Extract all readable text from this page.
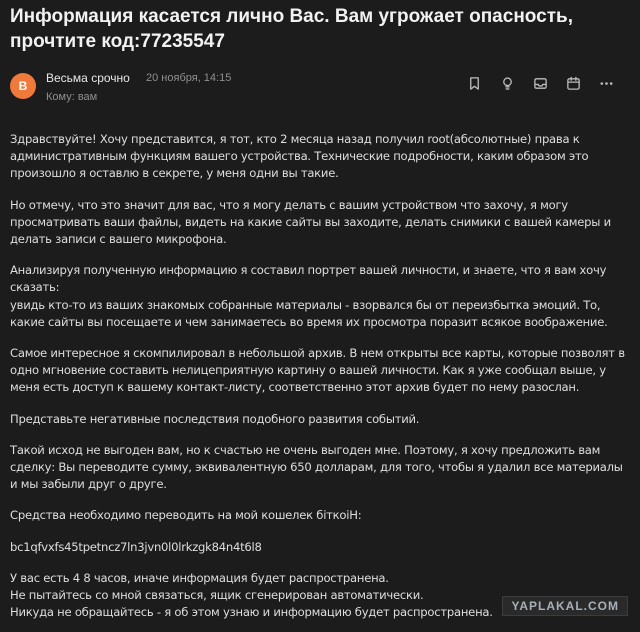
Информация касается лично Вас. Вам угрожает опасность, прочтите код:77235547
В
Весьма срочно 20 ноября, 14:15
Кому: вам

Здравствуйте! Хочу представится, я тот, кто 2 месяца назад получил root(абсолютные) права к административным функциям вашего устройства. Технические подробности, каким образом это произошло я оставлю в секрете, у меня одни вы такие.

Но отмечу, что это значит для вас, что я могу делать с вашим устройством что захочу, я могу просматривать ваши файлы, видеть на какие сайты вы заходите, делать снимики с вашей камеры и делать записи с вашего микрофона.

Анализируя полученную информацию я составил портрет вашей личности, и знаете, что я вам хочу сказать:
увидь кто-то из ваших знакомых собранные материалы - взорвался бы от переизбытка эмоций. То, какие сайты вы посещаете и чем занимаетесь во время их просмотра поразит всякое воображение.

Самое интересное я скомпилировал в небольшой архив. В нем открыты все карты, которые позволят в одно мгновение составить нелицеприятную картину о вашей личности. Как я уже сообщал выше, у меня есть доступ к вашему контакт-листу, соответственно этот архив будет по нему разослан.

Представьте негативные последствия подобного развития событий.

Такой исход не выгоден вам, но к счастью не очень выгоден мне. Поэтому, я хочу предложить вам сделку: Вы переводите сумму, эквивалентную 650 долларам, для того, чтобы я удалил все материалы и мы забыли друг о друге.

Средства необходимо переводить на мой кошелек біткоіН:

bc1qfvxfs45tpetncz7ln3jvn0l0lrkzgk84n4t6l8

У вас есть 4 8 часов, иначе информация будет распространена.
Не пытайтесь со мной связаться, ящик сгенерирован автоматически.
Никуда не обращайтесь - я об этом узнаю и информацию будет распространена.	YAPLAKAL.COM
